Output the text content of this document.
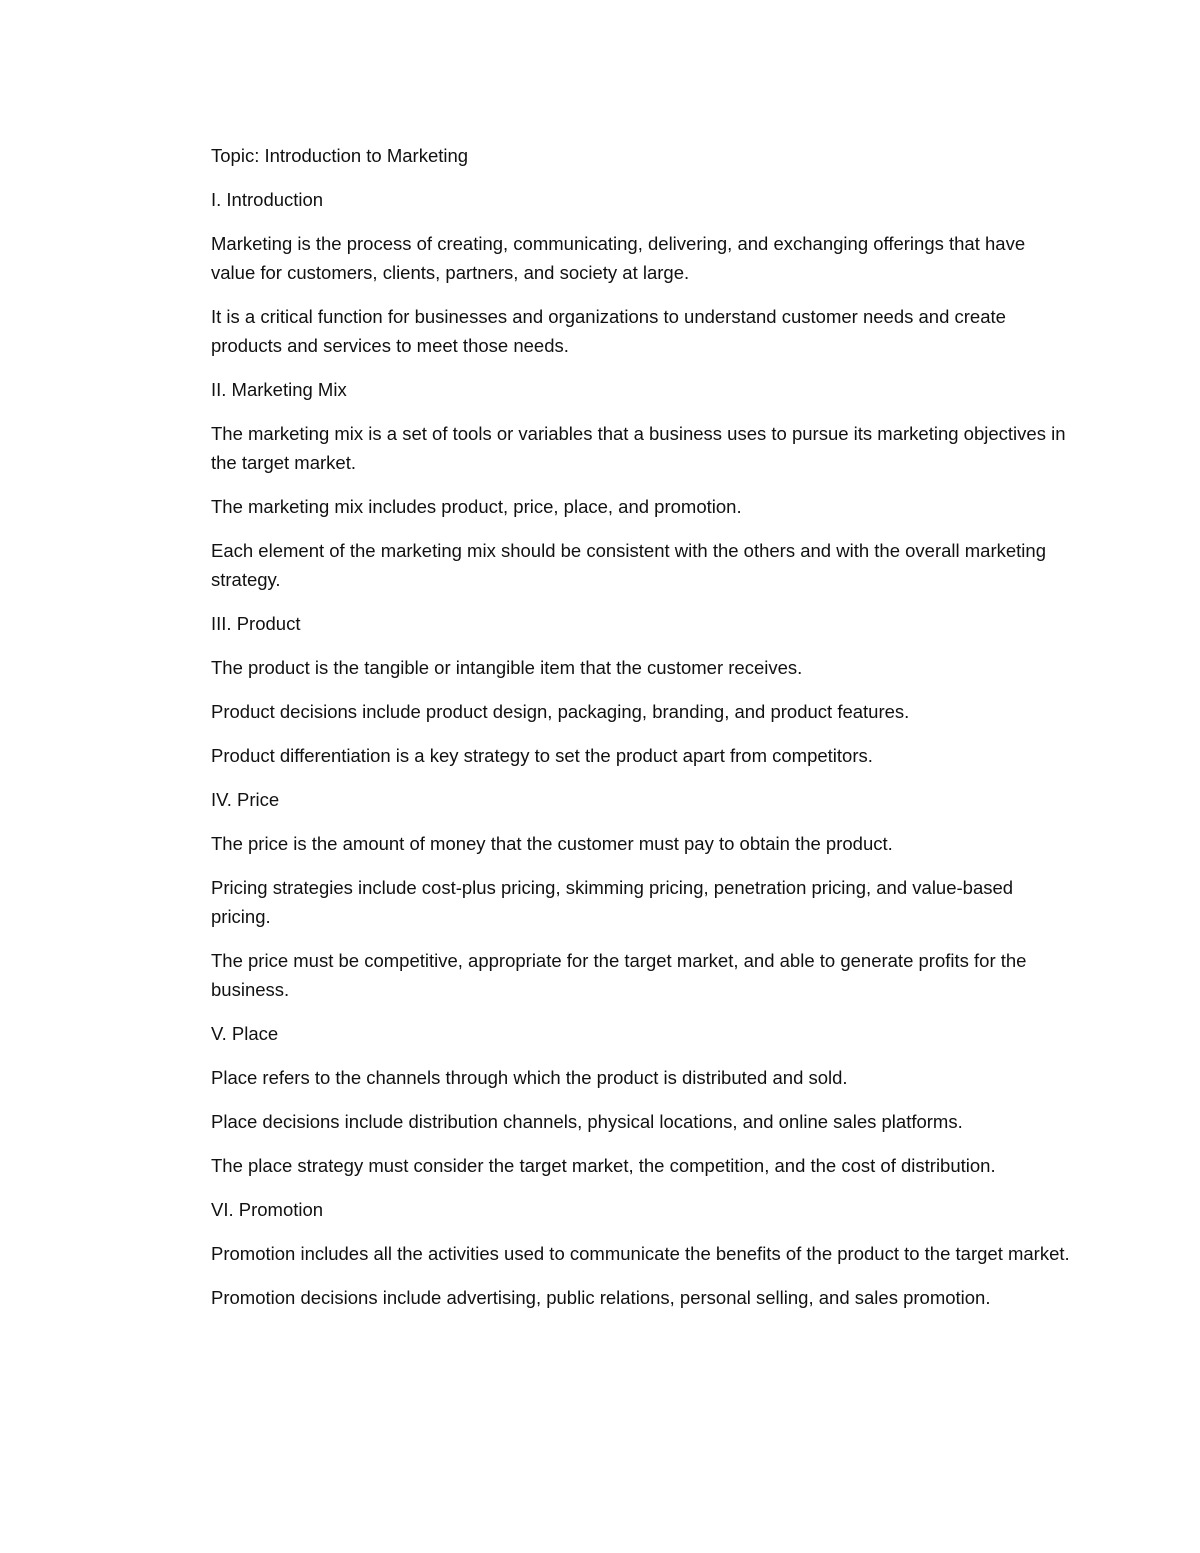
Topic: Introduction to Marketing

I. Introduction

Marketing is the process of creating, communicating, delivering, and exchanging offerings that have value for customers, clients, partners, and society at large.

It is a critical function for businesses and organizations to understand customer needs and create products and services to meet those needs.

II. Marketing Mix

The marketing mix is a set of tools or variables that a business uses to pursue its marketing objectives in the target market.

The marketing mix includes product, price, place, and promotion.

Each element of the marketing mix should be consistent with the others and with the overall marketing strategy.

III. Product

The product is the tangible or intangible item that the customer receives.

Product decisions include product design, packaging, branding, and product features.

Product differentiation is a key strategy to set the product apart from competitors.

IV. Price

The price is the amount of money that the customer must pay to obtain the product.

Pricing strategies include cost-plus pricing, skimming pricing, penetration pricing, and value-based pricing.

The price must be competitive, appropriate for the target market, and able to generate profits for the business.

V. Place

Place refers to the channels through which the product is distributed and sold.

Place decisions include distribution channels, physical locations, and online sales platforms.

The place strategy must consider the target market, the competition, and the cost of distribution.

VI. Promotion

Promotion includes all the activities used to communicate the benefits of the product to the target market.

Promotion decisions include advertising, public relations, personal selling, and sales promotion.
